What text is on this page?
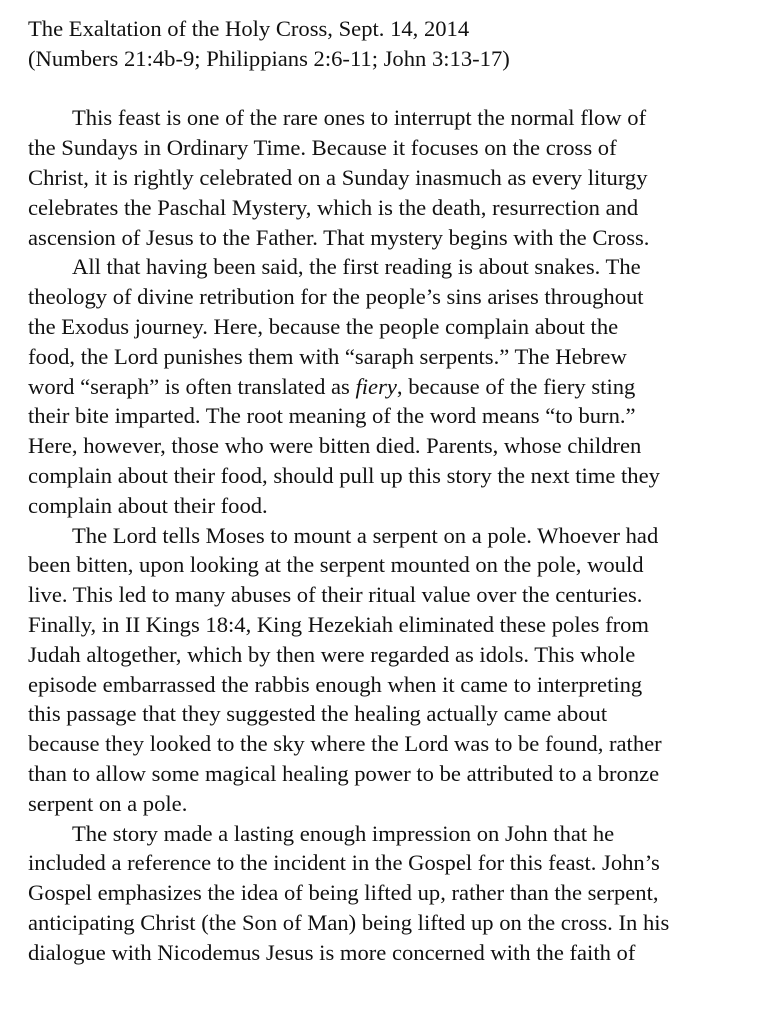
The Exaltation of the Holy Cross, Sept. 14, 2014
(Numbers 21:4b-9; Philippians 2:6-11; John 3:13-17)
This feast is one of the rare ones to interrupt the normal flow of
the Sundays in Ordinary Time. Because it focuses on the cross of
Christ, it is rightly celebrated on a Sunday inasmuch as every liturgy
celebrates the Paschal Mystery, which is the death, resurrection and
ascension of Jesus to the Father. That mystery begins with the Cross.
All that having been said, the first reading is about snakes. The
theology of divine retribution for the people’s sins arises throughout
the Exodus journey. Here, because the people complain about the
food, the Lord punishes them with “saraph serpents.” The Hebrew
word “seraph” is often translated as fiery, because of the fiery sting
their bite imparted. The root meaning of the word means “to burn.”
Here, however, those who were bitten died. Parents, whose children
complain about their food, should pull up this story the next time they
complain about their food.
The Lord tells Moses to mount a serpent on a pole. Whoever had
been bitten, upon looking at the serpent mounted on the pole, would
live. This led to many abuses of their ritual value over the centuries.
Finally, in II Kings 18:4, King Hezekiah eliminated these poles from
Judah altogether, which by then were regarded as idols. This whole
episode embarrassed the rabbis enough when it came to interpreting
this passage that they suggested the healing actually came about
because they looked to the sky where the Lord was to be found, rather
than to allow some magical healing power to be attributed to a bronze
serpent on a pole.
The story made a lasting enough impression on John that he
included a reference to the incident in the Gospel for this feast. John’s
Gospel emphasizes the idea of being lifted up, rather than the serpent,
anticipating Christ (the Son of Man) being lifted up on the cross. In his
dialogue with Nicodemus Jesus is more concerned with the faith of
